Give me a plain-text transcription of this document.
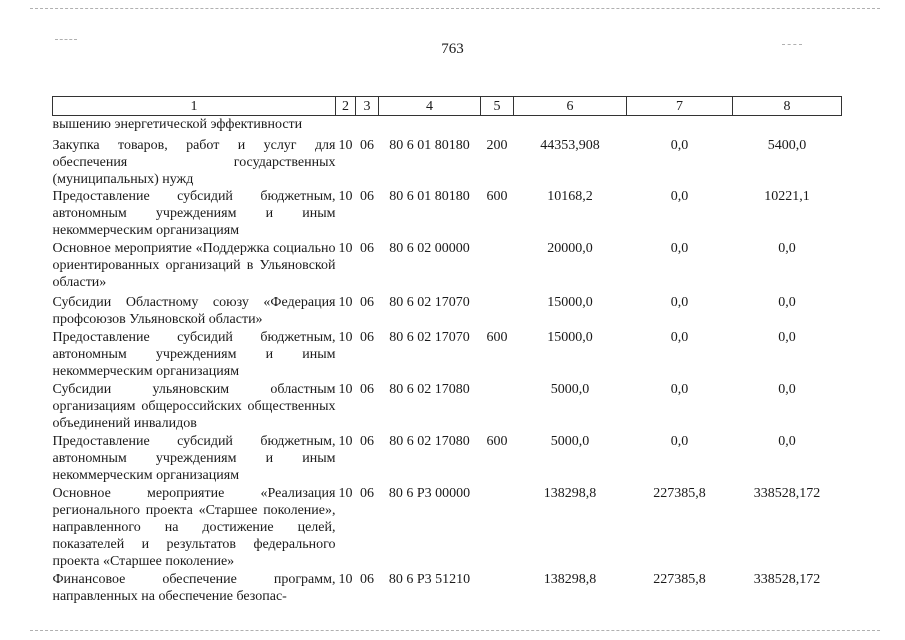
763
1	2	3	4	5	6	7	8
вышению энергетической эффективности							
Закупка товаров, работ и услуг для обеспечения государственных (муниципальных) нужд	10	06	80 6 01 80180	200	44353,908	0,0	5400,0
Предоставление субсидий бюджетным, автономным учреждениям и иным некоммерческим организациям	10	06	80 6 01 80180	600	10168,2	0,0	10221,1
Основное мероприятие «Поддержка социально ориентированных организаций в Ульяновской области»	10	06	80 6 02 00000		20000,0	0,0	0,0
Субсидии Областному союзу «Федерация профсоюзов Ульяновской области»	10	06	80 6 02 17070		15000,0	0,0	0,0
Предоставление субсидий бюджетным, автономным учреждениям и иным некоммерческим организациям	10	06	80 6 02 17070	600	15000,0	0,0	0,0
Субсидии ульяновским областным организациям общероссийских общественных объединений инвалидов	10	06	80 6 02 17080		5000,0	0,0	0,0
Предоставление субсидий бюджетным, автономным учреждениям и иным некоммерческим организациям	10	06	80 6 02 17080	600	5000,0	0,0	0,0
Основное мероприятие «Реализация регионального проекта «Старшее поколение», направленного на достижение целей, показателей и результатов федерального проекта «Старшее поколение»	10	06	80 6 P3 00000		138298,8	227385,8	338528,172
Финансовое обеспечение программ, направленных на обеспечение безопас-	10	06	80 6 P3 51210		138298,8	227385,8	338528,172
